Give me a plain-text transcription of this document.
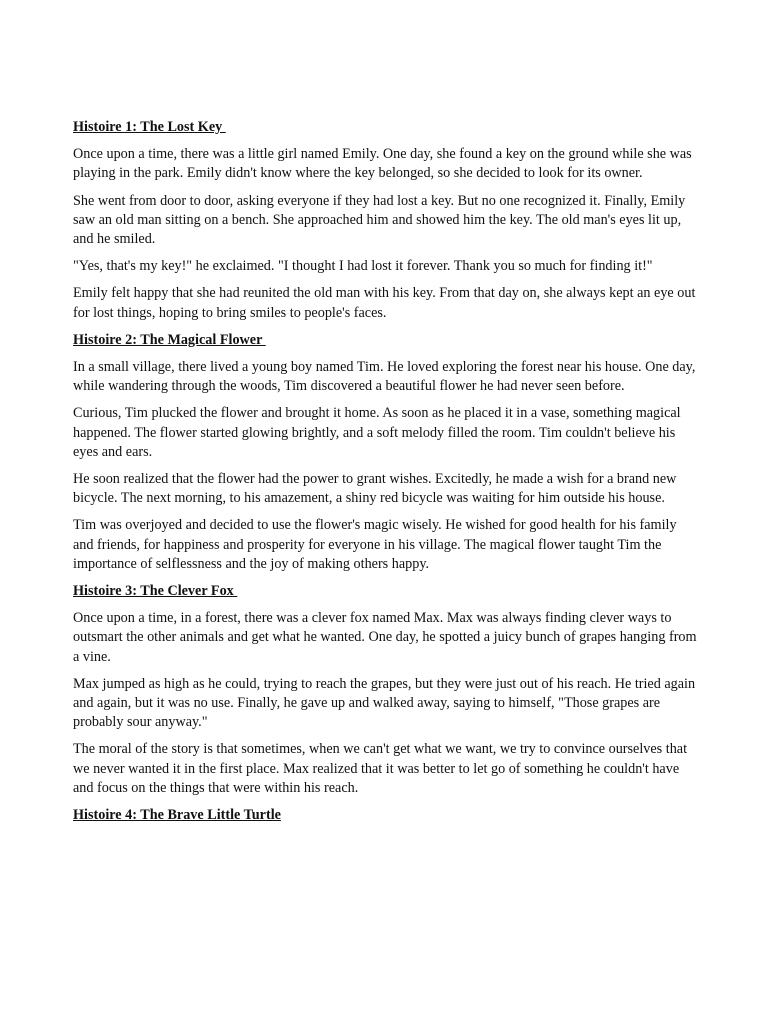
Histoire 1: The Lost Key

Once upon a time, there was a little girl named Emily. One day, she found a key on the ground while she was playing in the park. Emily didn't know where the key belonged, so she decided to look for its owner.

She went from door to door, asking everyone if they had lost a key. But no one recognized it. Finally, Emily saw an old man sitting on a bench. She approached him and showed him the key. The old man's eyes lit up, and he smiled.

"Yes, that's my key!" he exclaimed. "I thought I had lost it forever. Thank you so much for finding it!"

Emily felt happy that she had reunited the old man with his key. From that day on, she always kept an eye out for lost things, hoping to bring smiles to people's faces.

Histoire 2: The Magical Flower

In a small village, there lived a young boy named Tim. He loved exploring the forest near his house. One day, while wandering through the woods, Tim discovered a beautiful flower he had never seen before.

Curious, Tim plucked the flower and brought it home. As soon as he placed it in a vase, something magical happened. The flower started glowing brightly, and a soft melody filled the room. Tim couldn't believe his eyes and ears.

He soon realized that the flower had the power to grant wishes. Excitedly, he made a wish for a brand new bicycle. The next morning, to his amazement, a shiny red bicycle was waiting for him outside his house.

Tim was overjoyed and decided to use the flower's magic wisely. He wished for good health for his family and friends, for happiness and prosperity for everyone in his village. The magical flower taught Tim the importance of selflessness and the joy of making others happy.

Histoire 3: The Clever Fox

Once upon a time, in a forest, there was a clever fox named Max. Max was always finding clever ways to outsmart the other animals and get what he wanted. One day, he spotted a juicy bunch of grapes hanging from a vine.

Max jumped as high as he could, trying to reach the grapes, but they were just out of his reach. He tried again and again, but it was no use. Finally, he gave up and walked away, saying to himself, "Those grapes are probably sour anyway."

The moral of the story is that sometimes, when we can't get what we want, we try to convince ourselves that we never wanted it in the first place. Max realized that it was better to let go of something he couldn't have and focus on the things that were within his reach.

Histoire 4: The Brave Little Turtle
